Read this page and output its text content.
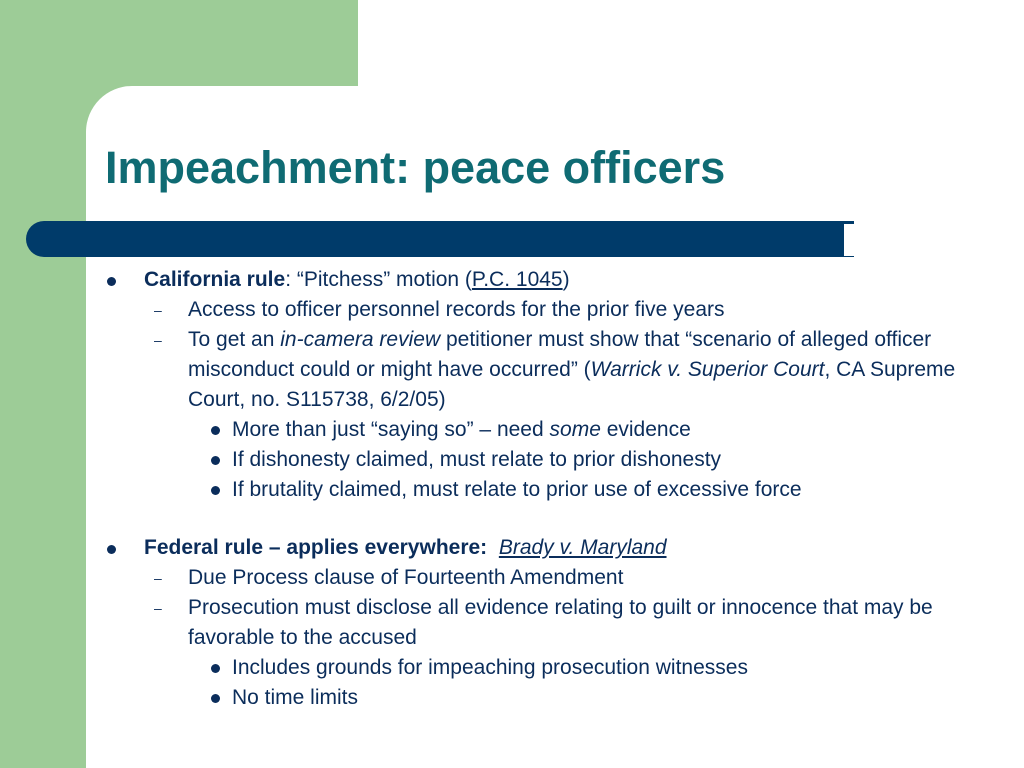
Impeachment: peace officers

California rule: “Pitchess” motion (P.C. 1045)

– Access to officer personnel records for the prior five years

– To get an in-camera review petitioner must show that “scenario of alleged officer misconduct could or might have occurred” (Warrick v. Superior Court, CA Supreme Court, no. S115738, 6/2/05)

More than just “saying so” – need some evidence

If dishonesty claimed, must relate to prior dishonesty

If brutality claimed, must relate to prior use of excessive force

Federal rule – applies everywhere: Brady v. Maryland

– Due Process clause of Fourteenth Amendment

– Prosecution must disclose all evidence relating to guilt or innocence that may be favorable to the accused

Includes grounds for impeaching prosecution witnesses

No time limits
